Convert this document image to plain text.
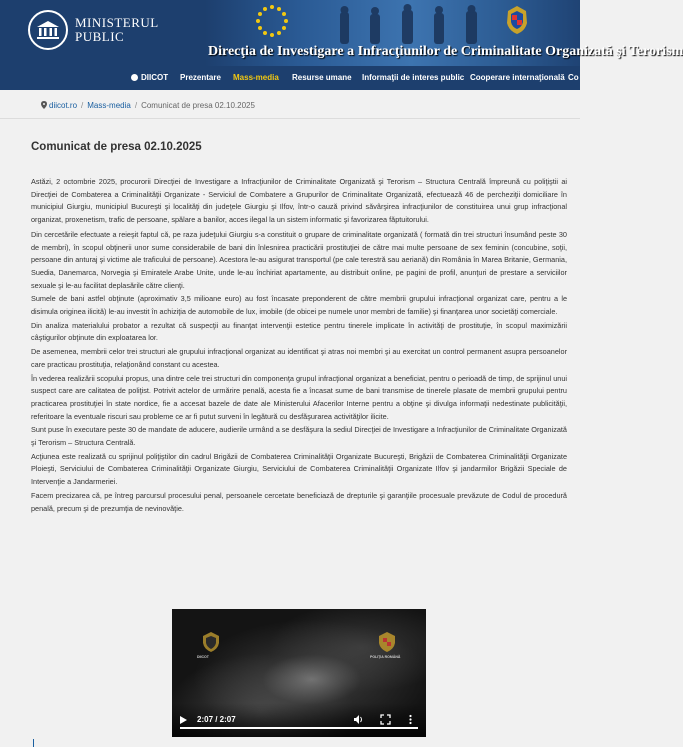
MINISTERUL
PUBLIC
Direcţia de Investigare a Infracţiunilor de Criminalitate Organizată şi Terorism
DIICOT Prezentare Mass-media Resurse umane Informaţii de interes public Cooperare internaţională Co
diicot.ro / Mass-media / Comunicat de presa 02.10.2025
Comunicat de presa 02.10.2025

Astăzi, 2 octombrie 2025, procurorii Direcţiei de Investigare a Infracţiunilor de Criminalitate Organizată şi Terorism – Structura Centrală împreună cu poliţiştii ai Direcţiei de Combaterea a Criminalităţii Organizate - Serviciul de Combatere a Grupurilor de Criminalitate Organizată, efectuează 46 de percheziţii domiciliare în municipiul Giurgiu, municipiul Bucureşti şi localităţi din judeţele Giurgiu şi Ilfov, într-o cauză privind săvârşirea infracţiunilor de constituirea unui grup infracţional organizat, proxenetism, trafic de persoane, spălare a banilor, acces ilegal la un sistem informatic şi favorizarea făptuitorului.

Din cercetările efectuate a reieşit faptul că, pe raza judeţului Giurgiu s-a constituit o grupare de criminalitate organizată ( formată din trei structuri însumând peste 30 de membri), în scopul obţinerii unor sume considerabile de bani din înlesnirea practicării prostituţiei de către mai multe persoane de sex feminin (concubine, soţii, persoane din anturaj şi victime ale traficului de persoane). Acestora le-au asigurat transportul (pe cale terestră sau aeriană) din România în Marea Britanie, Germania, Suedia, Danemarca, Norvegia şi Emiratele Arabe Unite, unde le-au închiriat apartamente, au distribuit online, pe pagini de profil, anunţuri de prestare a serviciilor sexuale şi le-au facilitat deplasările către clienţi.

Sumele de bani astfel obţinute (aproximativ 3,5 milioane euro) au fost încasate preponderent de către membrii grupului infracţional organizat care, pentru a le disimula originea ilicită) le-au investit în achiziţia de automobile de lux, imobile (de obicei pe numele unor membri de familie) şi finanţarea unor societăţi comerciale.

Din analiza materialului probator a rezultat că suspecţii au finanţat intervenţii estetice pentru tinerele implicate în activităţi de prostituţie, în scopul maximizării câştigurilor obţinute din exploatarea lor.

De asemenea, membrii celor trei structuri ale grupului infracţional organizat au identificat şi atras noi membri şi au exercitat un control permanent asupra persoanelor care practicau prostituţia, relaţionând constant cu acestea.

În vederea realizării scopului propus, una dintre cele trei structuri din componenţa grupul infracţional organizat a beneficiat, pentru o perioadă de timp, de sprijinul unui suspect care are calitatea de poliţist. Potrivit actelor de urmărire penală, acesta fie a încasat sume de bani transmise de tinerele plasate de membrii grupului pentru practicarea prostituţiei în state nordice, fie a accesat bazele de date ale Ministerului Afacerilor Interne pentru a obţine şi divulga informaţii nedestinate publicităţii, referitoare la eventuale riscuri sau probleme ce ar fi putut surveni în legătură cu desfăşurarea activităţilor ilicite.

Sunt puse în executare peste 30 de mandate de aducere, audierile urmând a se desfăşura la sediul Direcţiei de Investigare a Infracţiunilor de Criminalitate Organizată şi Terorism – Structura Centrală.

Acţiunea este realizată cu sprijinul poliţiştilor din cadrul Brigăzii de Combaterea Criminalităţii Organizate Bucureşti, Brigăzii de Combaterea Criminalităţii Organizate Ploieşti, Serviciului de Combaterea Criminalităţii Organizate Giurgiu, Serviciului de Combaterea Criminalităţii Organizate Ilfov şi jandarmilor Brigăzii Speciale de Intervenţie a Jandarmeriei.

Facem precizarea că, pe întreg parcursul procesului penal, persoanele cercetate beneficiază de drepturile şi garanţiile procesuale prevăzute de Codul de procedură penală, precum şi de prezumţia de nevinovăţie.

DIICOT	POLIŢIA ROMÂNĂ
2:07 / 2:07
